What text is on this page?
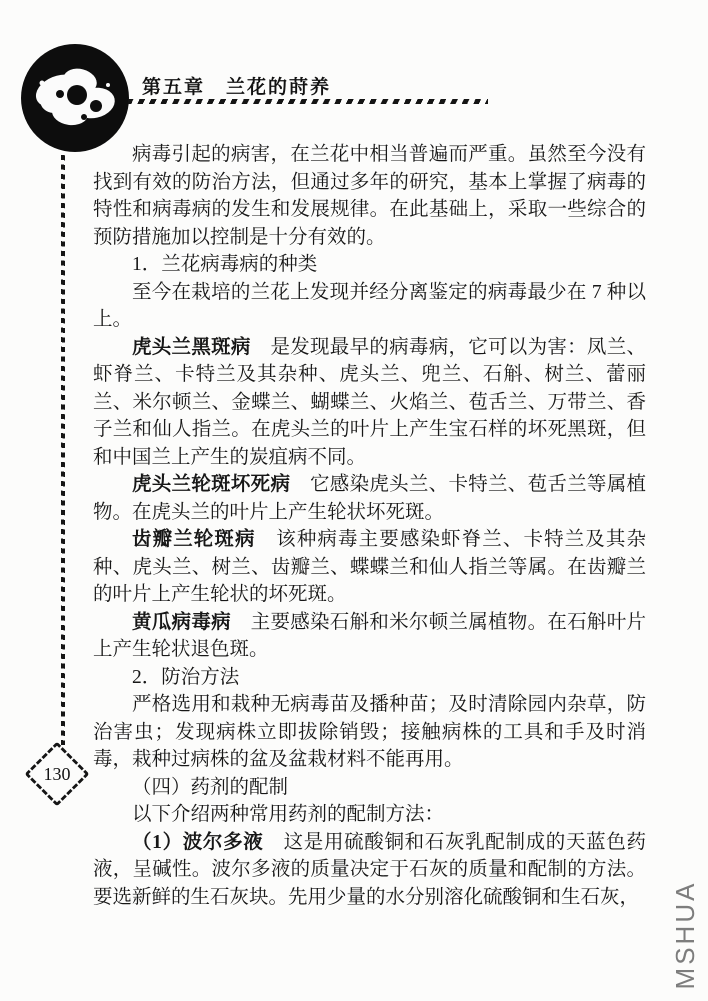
第五章　兰花的莳养
130

病毒引起的病害，在兰花中相当普遍而严重。虽然至今没有找到有效的防治方法，但通过多年的研究，基本上掌握了病毒的特性和病毒病的发生和发展规律。在此基础上，采取一些综合的预防措施加以控制是十分有效的。

1．兰花病毒病的种类

至今在栽培的兰花上发现并经分离鉴定的病毒最少在 7 种以上。

虎头兰黑斑病　是发现最早的病毒病，它可以为害：凤兰、虾脊兰、卡特兰及其杂种、虎头兰、兜兰、石斛、树兰、蕾丽兰、米尔顿兰、金蝶兰、蝴蝶兰、火焰兰、苞舌兰、万带兰、香子兰和仙人指兰。在虎头兰的叶片上产生宝石样的坏死黑斑，但和中国兰上产生的炭疽病不同。

虎头兰轮斑坏死病　它感染虎头兰、卡特兰、苞舌兰等属植物。在虎头兰的叶片上产生轮状坏死斑。

齿瓣兰轮斑病　该种病毒主要感染虾脊兰、卡特兰及其杂种、虎头兰、树兰、齿瓣兰、蝶蝶兰和仙人指兰等属。在齿瓣兰的叶片上产生轮状的坏死斑。

黄瓜病毒病　主要感染石斛和米尔顿兰属植物。在石斛叶片上产生轮状退色斑。

2．防治方法

严格选用和栽种无病毒苗及播种苗；及时清除园内杂草，防治害虫；发现病株立即拔除销毁；接触病株的工具和手及时消毒，栽种过病株的盆及盆栽材料不能再用。

（四）药剂的配制

以下介绍两种常用药剂的配制方法：

（1）波尔多液　这是用硫酸铜和石灰乳配制成的天蓝色药液，呈碱性。波尔多液的质量决定于石灰的质量和配制的方法。要选新鲜的生石灰块。先用少量的水分别溶化硫酸铜和生石灰， MSHUA
